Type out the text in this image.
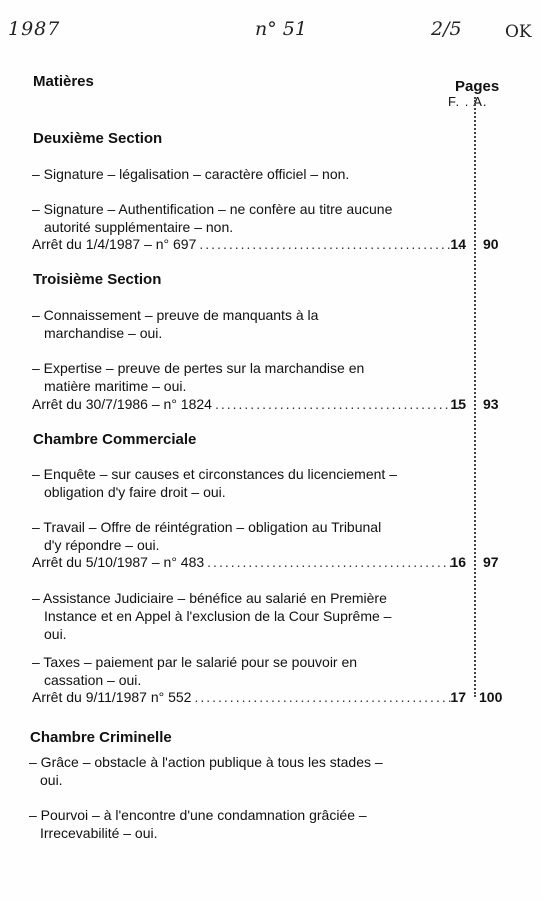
1987	n° 51	2/5	OK
Matières	Pages
F. . A.
Deuxième Section
– Signature – légalisation – caractère officiel – non.
– Signature – Authentification – ne confère au titre aucune
autorité supplémentaire – non.
Arrêt du 1/4/1987 – n° 697 .....	14 90
Troisième Section
– Connaissement – preuve de manquants à la
marchandise – oui.
– Expertise – preuve de pertes sur la marchandise en
matière maritime – oui.
Arrêt du 30/7/1986 – n° 1824 .....	15 93
Chambre Commerciale
– Enquête – sur causes et circonstances du licenciement –
obligation d'y faire droit – oui.
– Travail – Offre de réintégration – obligation au Tribunal
d'y répondre – oui.
Arrêt du 5/10/1987 – n° 483 .....	16 97
– Assistance Judiciaire – bénéfice au salarié en Première
Instance et en Appel à l'exclusion de la Cour Suprême –
oui.
– Taxes – paiement par le salarié pour se pouvoir en
cassation – oui.
Arrêt du 9/11/1987 n° 552 .....	17 100
Chambre Criminelle
– Grâce – obstacle à l'action publique à tous les stades –
oui.
– Pourvoi – à l'encontre d'une condamnation grâciée –
Irrecevabilité – oui.
